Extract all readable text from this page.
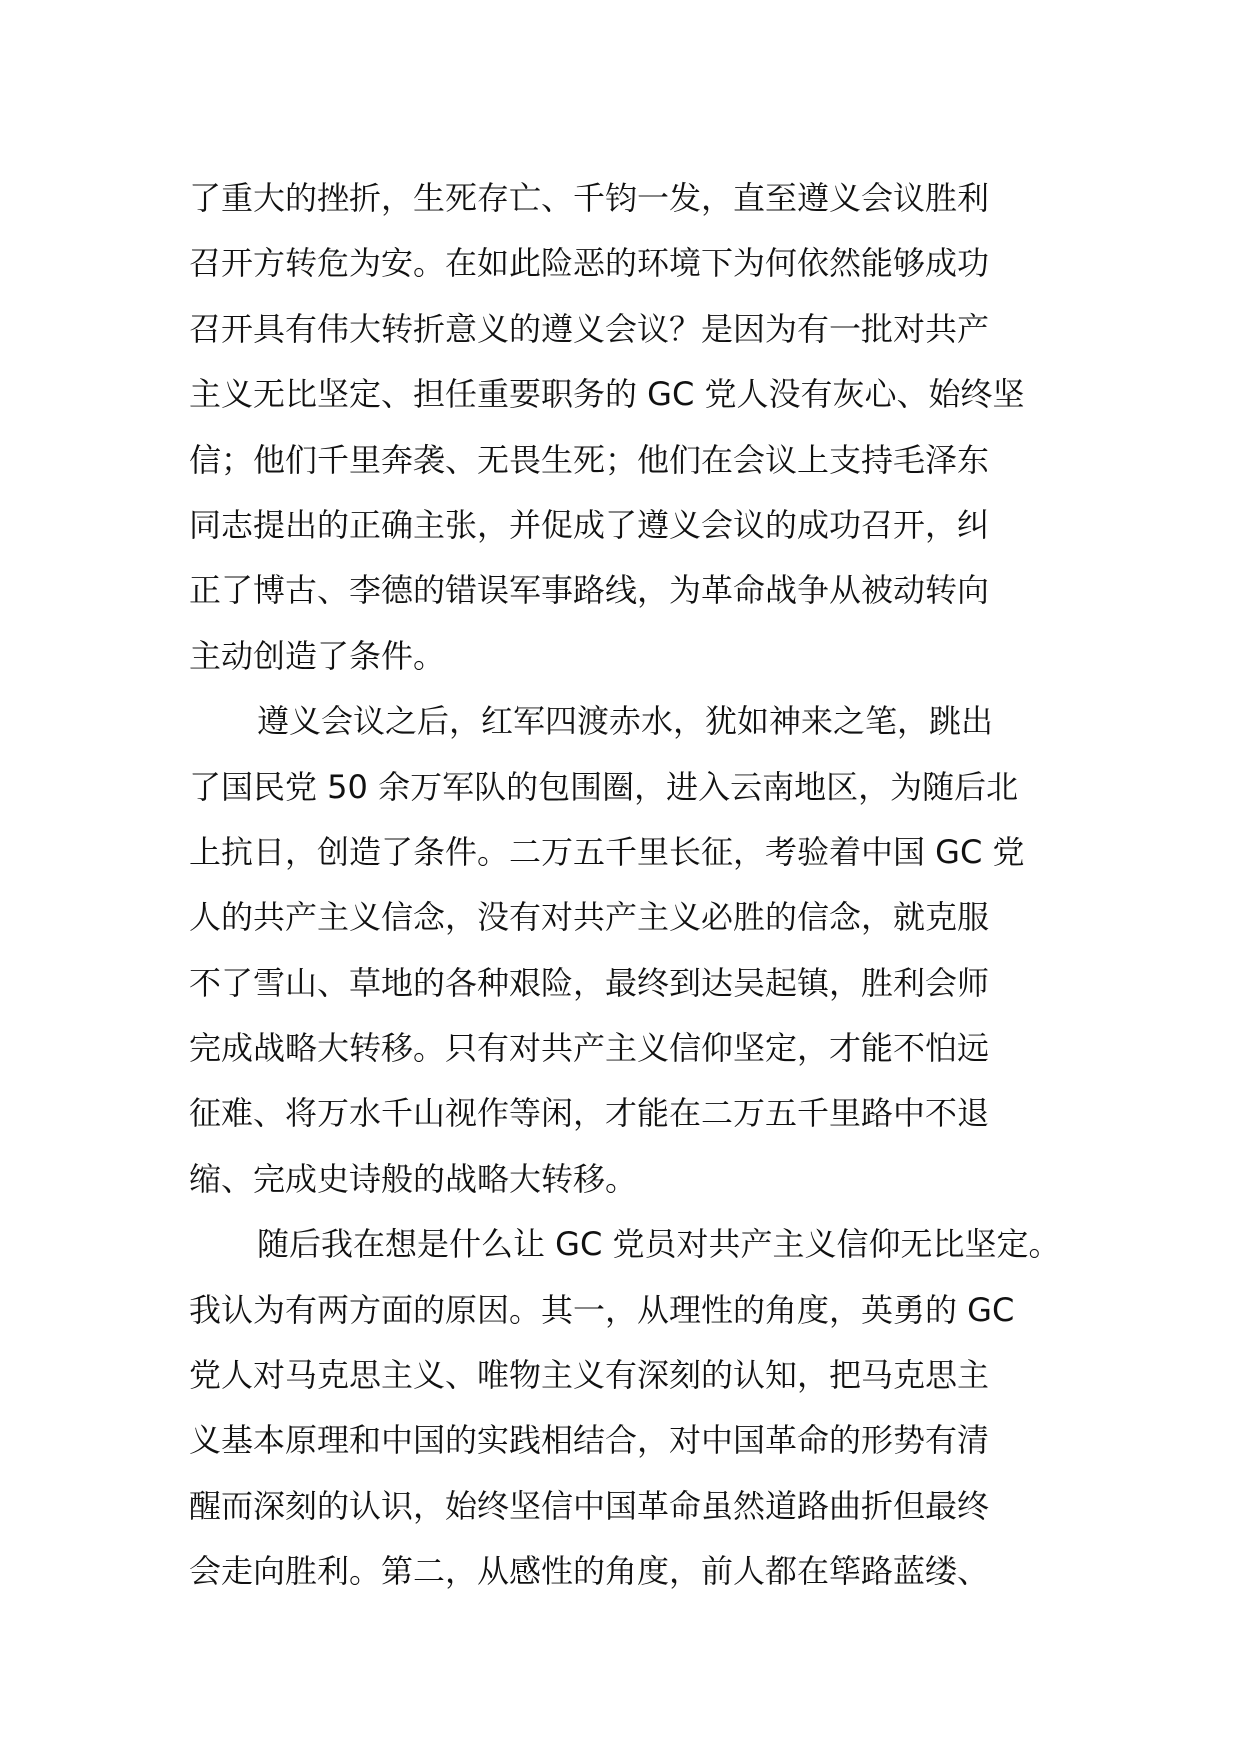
了重大的挫折，生死存亡、千钧一发，直至遵义会议胜利
召开方转危为安。在如此险恶的环境下为何依然能够成功
召开具有伟大转折意义的遵义会议？是因为有一批对共产
主义无比坚定、担任重要职务的 GC 党人没有灰心、始终坚
信；他们千里奔袭、无畏生死；他们在会议上支持毛泽东
同志提出的正确主张，并促成了遵义会议的成功召开，纠
正了博古、李德的错误军事路线，为革命战争从被动转向
主动创造了条件。
遵义会议之后，红军四渡赤水，犹如神来之笔，跳出
了国民党 50 余万军队的包围圈，进入云南地区，为随后北
上抗日，创造了条件。二万五千里长征，考验着中国 GC 党
人的共产主义信念，没有对共产主义必胜的信念，就克服
不了雪山、草地的各种艰险，最终到达吴起镇，胜利会师
完成战略大转移。只有对共产主义信仰坚定，才能不怕远
征难、将万水千山视作等闲，才能在二万五千里路中不退
缩、完成史诗般的战略大转移。
随后我在想是什么让 GC 党员对共产主义信仰无比坚定。
我认为有两方面的原因。其一，从理性的角度，英勇的 GC
党人对马克思主义、唯物主义有深刻的认知，把马克思主
义基本原理和中国的实践相结合，对中国革命的形势有清
醒而深刻的认识，始终坚信中国革命虽然道路曲折但最终
会走向胜利。第二，从感性的角度，前人都在筚路蓝缕、
